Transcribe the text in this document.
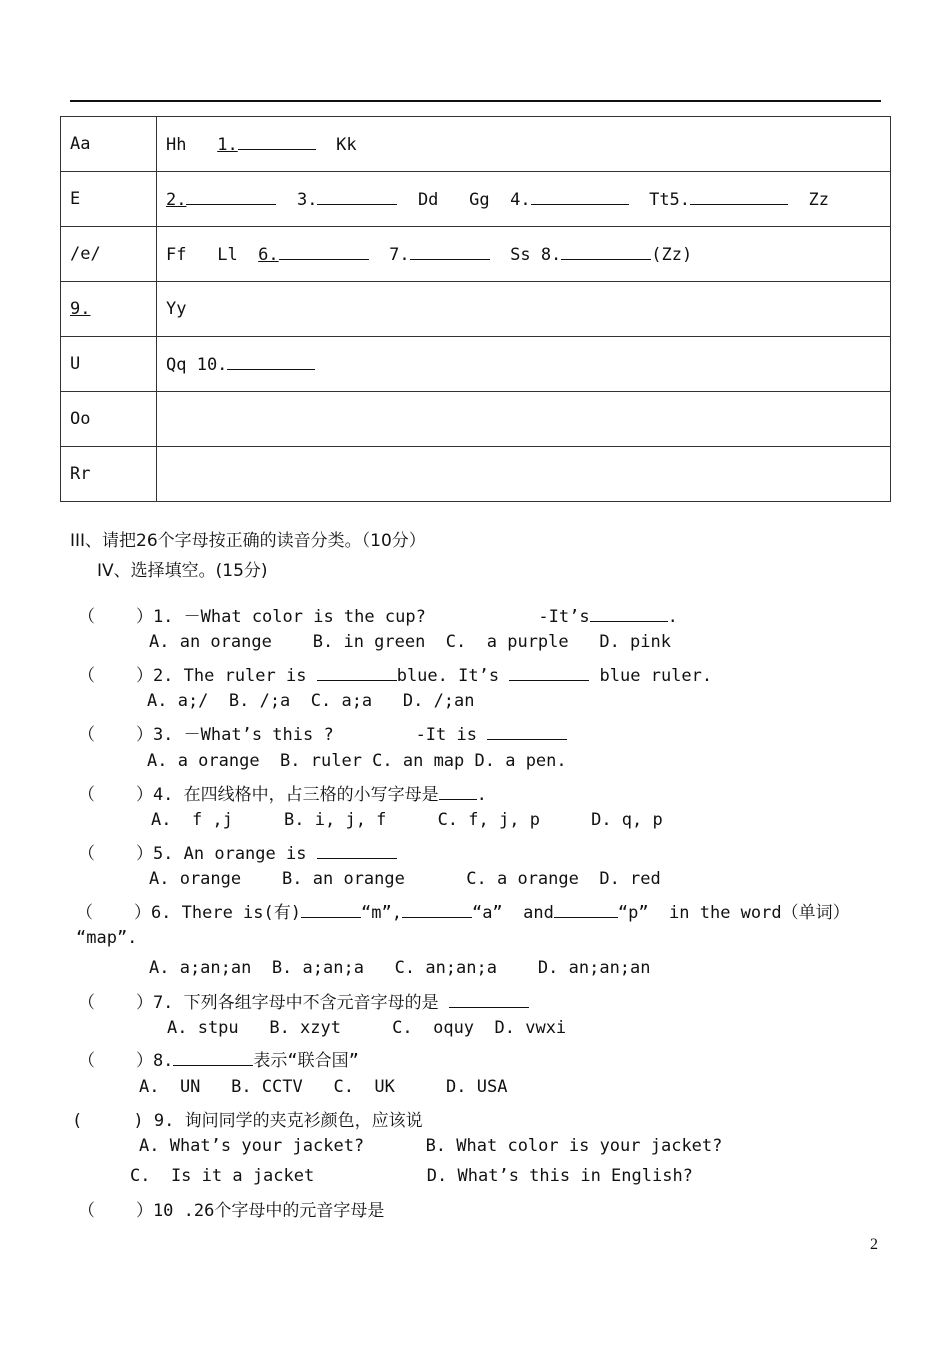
Aa	Hh 1. Kk
E	2. 3. Dd Gg 4. Tt5. Zz
/e/	Ff Ll 6. 7. Ss 8. (Zz)
9.	Yy
U	Qq 10.
Oo	
Rr	
III、请把26个字母按正确的读音分类。（10分）
IV、选择填空。(15分)
（    ）1. －What color is the cup?           -It’s	.
A. an orange    B. in green  C.  a purple   D. pink
（    ）2. The ruler is	blue. It’s	blue ruler.
A. a;/  B. /;a  C. a;a   D. /;an
（    ）3. －What’s this ?        -It is
A. a orange  B. ruler C. an map D. a pen.
（    ）4. 在四线格中，占三格的小写字母是 .
A.  f ,j     B. i, j, f     C. f, j, p     D. q, p
（    ）5. An orange is
A. orange    B. an orange      C. a orange  D. red
（    ）6. There is(有)	“m”,	“a”  and	“p”  in the word（单词）
“map”.
A. a;an;an  B. a;an;a   C. an;an;a    D. an;an;an
（    ）7. 下列各组字母中不含元音字母的是
A. stpu   B. xzyt     C.  oquy  D. vwxi
（    ）8.	表示“联合国”
A.  UN   B. CCTV   C.  UK     D. USA
(     ) 9. 询问同学的夹克衫颜色，应该说
A. What’s your jacket?      B. What color is your jacket?
C.  Is it a jacket           D. What’s this in English?
（    ）10 .26个字母中的元音字母是
2
